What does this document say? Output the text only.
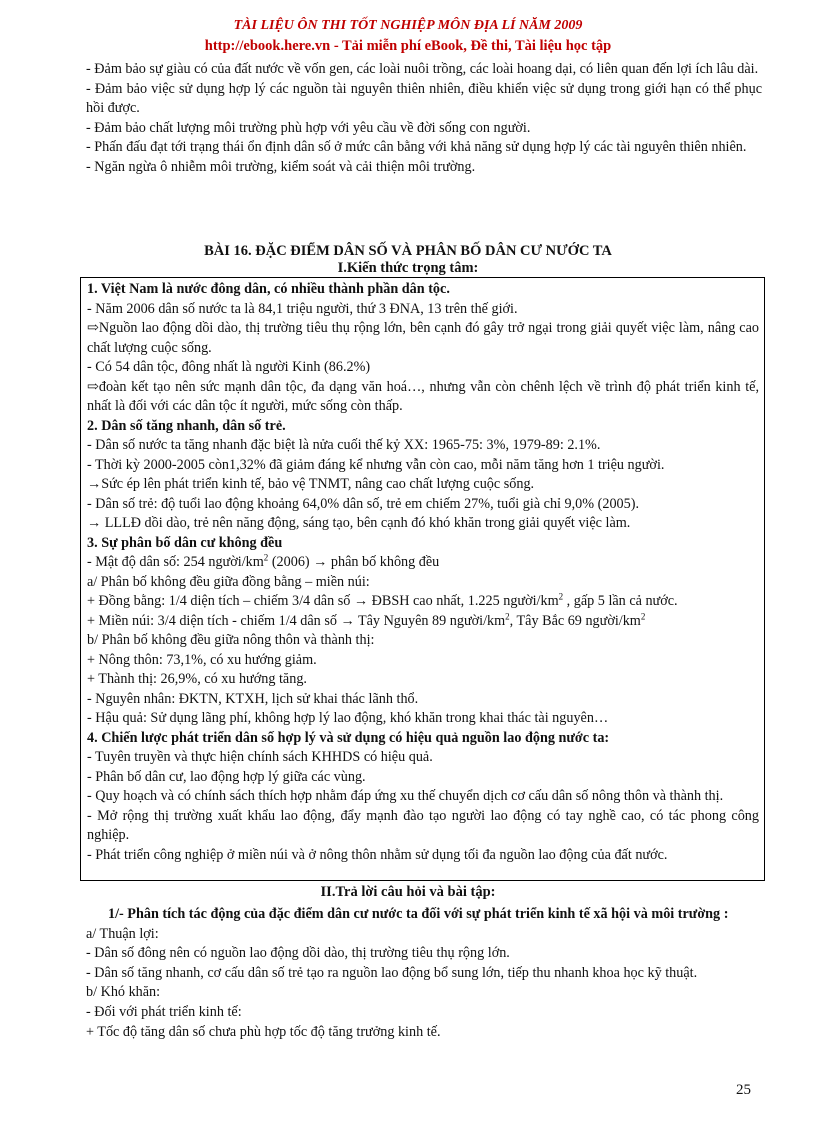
TÀI LIỆU ÔN THI TỐT NGHIỆP MÔN ĐỊA LÍ NĂM 2009
http://ebook.here.vn - Tải miễn phí eBook, Đề thi, Tài liệu học tập

- Đảm bảo sự giàu có của đất nước về vốn gen, các loài nuôi trồng, các loài hoang dại, có liên quan đến lợi ích lâu dài.

- Đảm bảo việc sử dụng hợp lý các nguồn tài nguyên thiên nhiên, điều khiển việc sử dụng trong giới hạn có thể phục hồi được.

- Đảm bảo chất lượng môi trường phù hợp với yêu cầu về đời sống con người.

- Phấn đấu đạt tới trạng thái ổn định dân số ở mức cân bằng với khả năng sử dụng hợp lý các tài nguyên thiên nhiên.

- Ngăn ngừa ô nhiễm môi trường, kiểm soát và cải thiện môi trường.

BÀI 16. ĐẶC ĐIỂM DÂN SỐ VÀ PHÂN BỐ DÂN CƯ NƯỚC TA
I.Kiến thức trọng tâm:

1. Việt Nam là nước đông dân, có nhiều thành phần dân tộc.

- Năm 2006 dân số nước ta là 84,1 triệu người, thứ 3 ĐNA, 13 trên thế giới.

⇨Nguồn lao động dồi dào, thị trường tiêu thụ rộng lớn, bên cạnh đó gây trở ngại trong giải quyết việc làm, nâng cao chất lượng cuộc sống.

- Có 54 dân tộc, đông nhất là người Kinh (86.2%)

⇨đoàn kết tạo nên sức mạnh dân tộc, đa dạng văn hoá…, nhưng vẫn còn chênh lệch về trình độ phát triển kinh tế, nhất là đối với các dân tộc ít người, mức sống còn thấp.

2. Dân số tăng nhanh, dân số trẻ.

- Dân số nước ta tăng nhanh đặc biệt là nửa cuối thế kỷ XX: 1965-75: 3%, 1979-89: 2.1%.

- Thời kỳ 2000-2005 còn1,32% đã giảm đáng kể nhưng vẫn còn cao, mỗi năm tăng hơn 1 triệu người.

→Sức ép lên phát triển kinh tế, bảo vệ TNMT, nâng cao chất lượng cuộc sống.

- Dân số trẻ: độ tuổi lao động khoảng 64,0% dân số, trẻ em chiếm 27%, tuổi già chỉ 9,0% (2005).

→ LLLĐ dồi dào, trẻ nên năng động, sáng tạo, bên cạnh đó khó khăn trong giải quyết việc làm.

3. Sự phân bố dân cư không đều

- Mật độ dân số: 254 người/$km^2$ (2006) → phân bố không đều

a/ Phân bố không đều giữa đồng bằng – miền núi:

+ Đồng bằng: 1/4 diện tích – chiếm 3/4 dân số → ĐBSH cao nhất, 1.225 người/$km^2$ , gấp 5 lần cả nước.

+ Miền núi: 3/4 diện tích - chiếm 1/4 dân số → Tây Nguyên 89 người/$km^2$, Tây Bắc 69 người/$km^2$

b/ Phân bố không đều giữa nông thôn và thành thị:

+ Nông thôn: 73,1%, có xu hướng giảm.

+ Thành thị: 26,9%, có xu hướng tăng.

- Nguyên nhân: ĐKTN, KTXH, lịch sử khai thác lãnh thổ.

- Hậu quả: Sử dụng lãng phí, không hợp lý lao động, khó khăn trong khai thác tài nguyên…

4. Chiến lược phát triển dân số hợp lý và sử dụng có hiệu quả nguồn lao động nước ta:

- Tuyên truyền và thực hiện chính sách KHHDS có hiệu quả.

- Phân bố dân cư, lao động hợp lý giữa các vùng.

- Quy hoạch và có chính sách thích hợp nhằm đáp ứng xu thế chuyển dịch cơ cấu dân số nông thôn và thành thị.

- Mở rộng thị trường xuất khẩu lao động, đẩy mạnh đào tạo người lao động có tay nghề cao, có tác phong công nghiệp.

- Phát triển công nghiệp ở miền núi và ở nông thôn nhằm sử dụng tối đa nguồn lao động của đất nước.

II.Trả lời câu hỏi và bài tập:

1/- Phân tích tác động của đặc điểm dân cư nước ta đối với sự phát triển kinh tế xã hội và môi trường :

a/ Thuận lợi:

- Dân số đông nên có nguồn lao động dồi dào, thị trường tiêu thụ rộng lớn.

- Dân số tăng nhanh, cơ cấu dân số trẻ tạo ra nguồn lao động bổ sung lớn, tiếp thu nhanh khoa học kỹ thuật.

b/ Khó khăn:

- Đối với phát triển kinh tế:

+ Tốc độ tăng dân số chưa phù hợp tốc độ tăng trưởng kinh tế.

25
